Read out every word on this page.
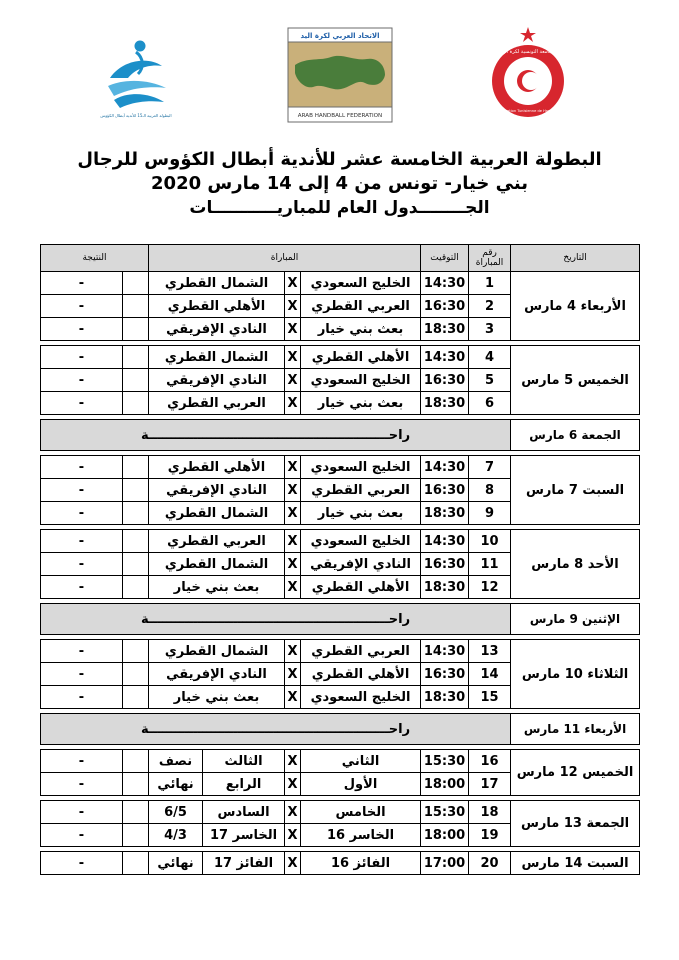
البطولة العربية الـ15 للأندية أبطال الكؤوس
الاتحاد العربي لكرة اليد
ARAB HANDBALL FEDERATION
الجامعة التونسية لكرة اليد
Fédération Tunisienne de Handball

البطولة العربية الخامسة عشر للأندية أبطال الكؤوس للرجال

بني خيار- تونس من 4 إلى 14 مارس 2020

الجــــــــدول العام للمباريـــــــــــات

التاريخ	رقم المباراة	التوقيت	المباراة				النتيجة	
الأربعاء 4 مارس	1	14:30	الخليج السعودي	X	الشمال القطري			-
	2	16:30	العربي القطري	X	الأهلي القطري			-
	3	18:30	بعث بني خيار	X	النادي الإفريقي			-

الخميس 5 مارس	4	14:30	الأهلي القطري	X	الشمال القطري			-
	5	16:30	الخليج السعودي	X	النادي الإفريقي			-
	6	18:30	بعث بني خيار	X	العربي القطري			-

الجمعة 6 مارس	راحــــــــــــــــــــــــــــــــــــــــــــــــــــــة							

السبت 7 مارس	7	14:30	الخليج السعودي	X	الأهلي القطري			-
	8	16:30	العربي القطري	X	النادي الإفريقي			-
	9	18:30	بعث بني خيار	X	الشمال القطري			-

الأحد 8 مارس	10	14:30	الخليج السعودي	X	العربي القطري			-
	11	16:30	النادي الإفريقي	X	الشمال القطري			-
	12	18:30	الأهلي القطري	X	بعث بني خيار			-

الإثنين 9 مارس	راحــــــــــــــــــــــــــــــــــــــــــــــــــــــة							

الثلاثاء 10 مارس	13	14:30	العربي القطري	X	الشمال القطري			-
	14	16:30	الأهلي القطري	X	النادي الإفريقي			-
	15	18:30	الخليج السعودي	X	بعث بني خيار			-

الأربعاء 11 مارس	راحــــــــــــــــــــــــــــــــــــــــــــــــــــــة							

الخميس 12 مارس	16	15:30	الثاني	X	الثالث	نصف		-
	17	18:00	الأول	X	الرابع	نهائي		-

الجمعة 13 مارس	18	15:30	الخامس	X	السادس	6/5		-
	19	18:00	الخاسر 16	X	الخاسر 17	4/3		-

السبت 14 مارس	20	17:00	الفائز 16	X	الفائز 17	نهائي		-
